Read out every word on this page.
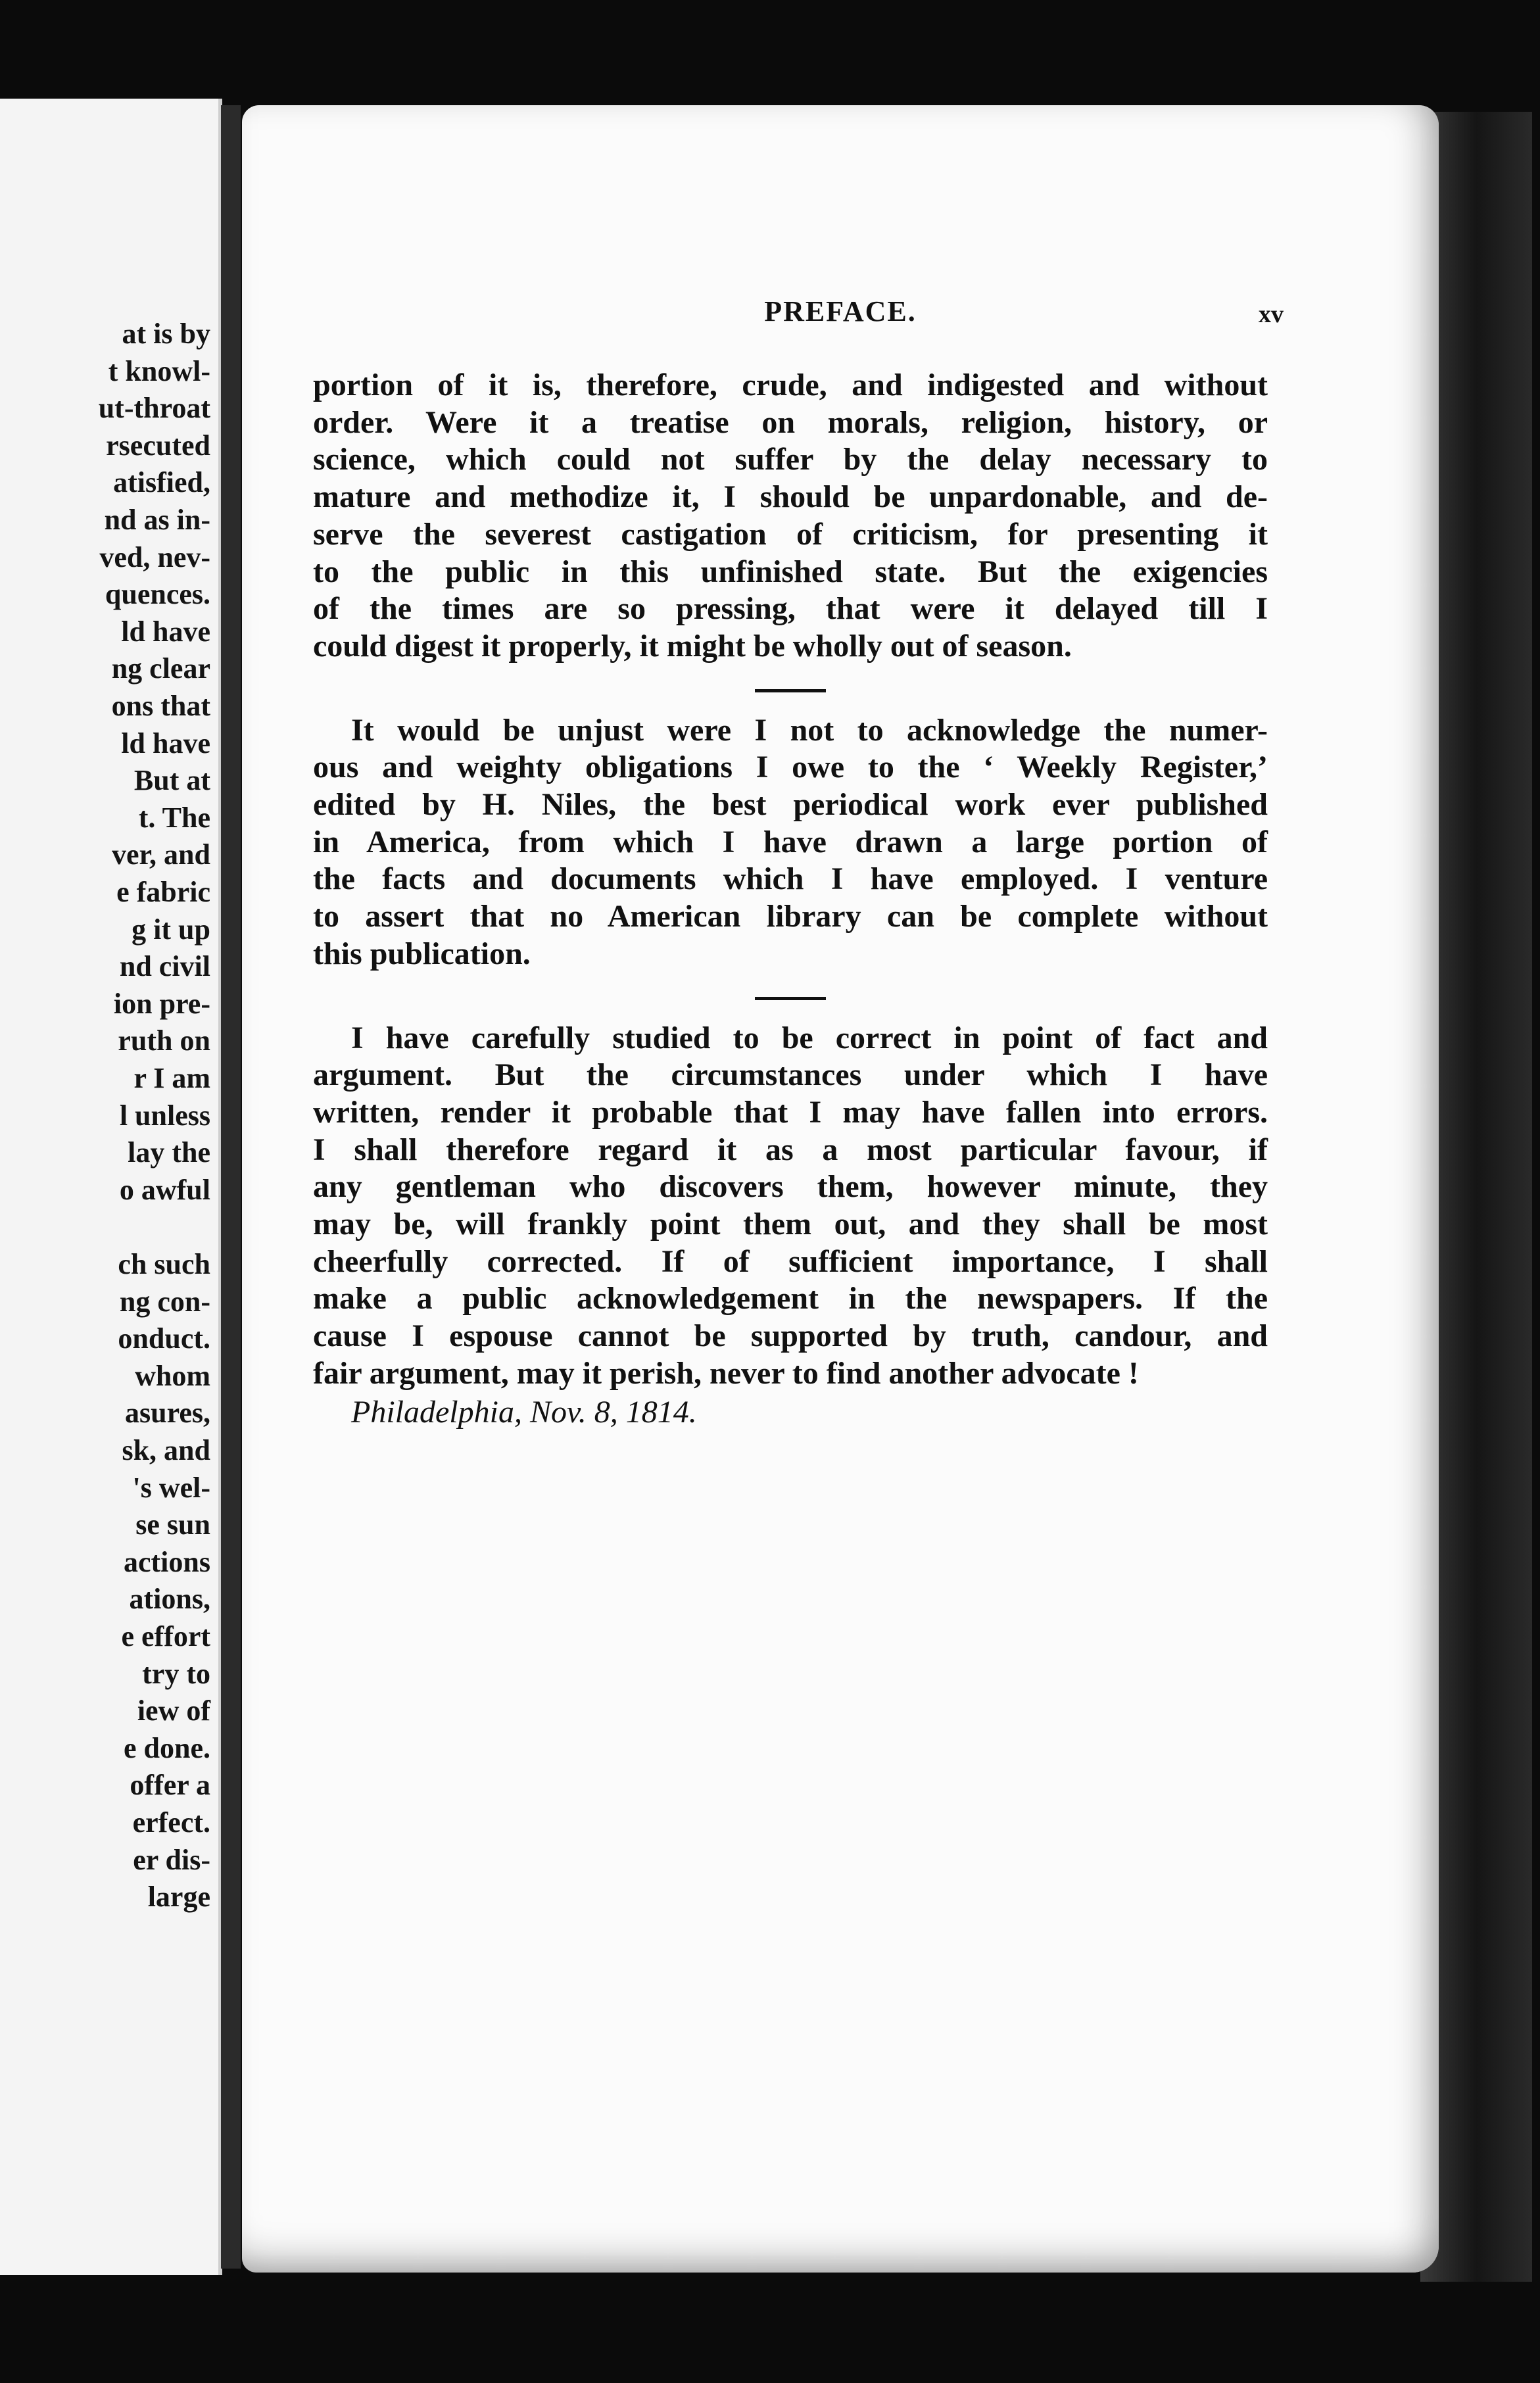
at is by
t knowl-
ut-throat
rsecuted
atisfied,
nd as in-
ved, nev-
quences.
ld have
ng clear
ons that
ld have
But at
t. The
ver, and
e fabric
g it up
nd civil
ion pre-
ruth on
r I am
l unless
lay the
o awful
ch such
ng con-
onduct.
whom
asures,
sk, and
's wel-
se sun
actions
ations,
e effort
try to
iew of
e done.
offer a
erfect.
er dis-
large
PREFACE.	xv
portion of it is, therefore, crude, and indigested and without
order. Were it a treatise on morals, religion, history, or
science, which could not suffer by the delay necessary to
mature and methodize it, I should be unpardonable, and de-
serve the severest castigation of criticism, for presenting it
to the public in this unfinished state. But the exigencies
of the times are so pressing, that were it delayed till I
could digest it properly, it might be wholly out of season.
It would be unjust were I not to acknowledge the numer-
ous and weighty obligations I owe to the ‘ Weekly Register,’
edited by H. Niles, the best periodical work ever published
in America, from which I have drawn a large portion of
the facts and documents which I have employed. I venture
to assert that no American library can be complete without
this publication.
I have carefully studied to be correct in point of fact and
argument. But the circumstances under which I have
written, render it probable that I may have fallen into errors.
I shall therefore regard it as a most particular favour, if
any gentleman who discovers them, however minute, they
may be, will frankly point them out, and they shall be most
cheerfully corrected. If of sufficient importance, I shall
make a public acknowledgement in the newspapers. If the
cause I espouse cannot be supported by truth, candour, and
fair argument, may it perish, never to find another advocate !
Philadelphia, Nov. 8, 1814.
